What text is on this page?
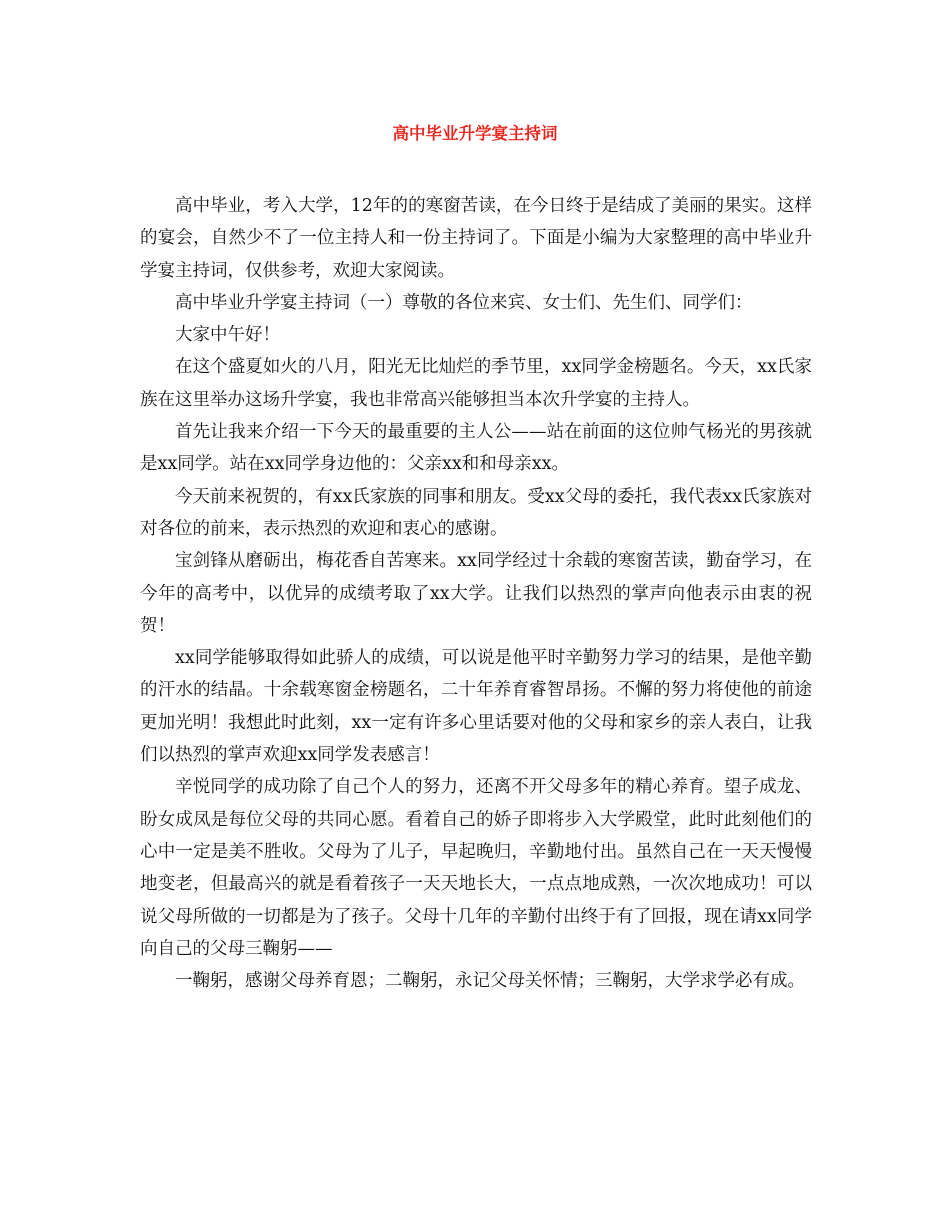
高中毕业升学宴主持词

高中毕业，考入大学，12年的的寒窗苦读，在今日终于是结成了美丽的果实。这样的宴会，自然少不了一位主持人和一份主持词了。下面是小编为大家整理的高中毕业升学宴主持词，仅供参考，欢迎大家阅读。

高中毕业升学宴主持词（一）尊敬的各位来宾、女士们、先生们、同学们：

大家中午好！

在这个盛夏如火的八月，阳光无比灿烂的季节里，xx同学金榜题名。今天，xx氏家族在这里举办这场升学宴，我也非常高兴能够担当本次升学宴的主持人。

首先让我来介绍一下今天的最重要的主人公——站在前面的这位帅气杨光的男孩就是xx同学。站在xx同学身边他的：父亲xx和和母亲xx。

今天前来祝贺的，有xx氏家族的同事和朋友。受xx父母的委托，我代表xx氏家族对对各位的前来，表示热烈的欢迎和衷心的感谢。

宝剑锋从磨砺出，梅花香自苦寒来。xx同学经过十余载的寒窗苦读，勤奋学习，在今年的高考中，以优异的成绩考取了xx大学。让我们以热烈的掌声向他表示由衷的祝贺！

xx同学能够取得如此骄人的成绩，可以说是他平时辛勤努力学习的结果，是他辛勤的汗水的结晶。十余载寒窗金榜题名，二十年养育睿智昂扬。不懈的努力将使他的前途更加光明！我想此时此刻，xx一定有许多心里话要对他的父母和家乡的亲人表白，让我们以热烈的掌声欢迎xx同学发表感言！

辛悦同学的成功除了自己个人的努力，还离不开父母多年的精心养育。望子成龙、盼女成凤是每位父母的共同心愿。看着自己的娇子即将步入大学殿堂，此时此刻他们的心中一定是美不胜收。父母为了儿子，早起晚归，辛勤地付出。虽然自己在一天天慢慢地变老，但最高兴的就是看着孩子一天天地长大，一点点地成熟，一次次地成功！可以说父母所做的一切都是为了孩子。父母十几年的辛勤付出终于有了回报，现在请xx同学向自己的父母三鞠躬——

一鞠躬，感谢父母养育恩；二鞠躬，永记父母关怀情；三鞠躬，大学求学必有成。
